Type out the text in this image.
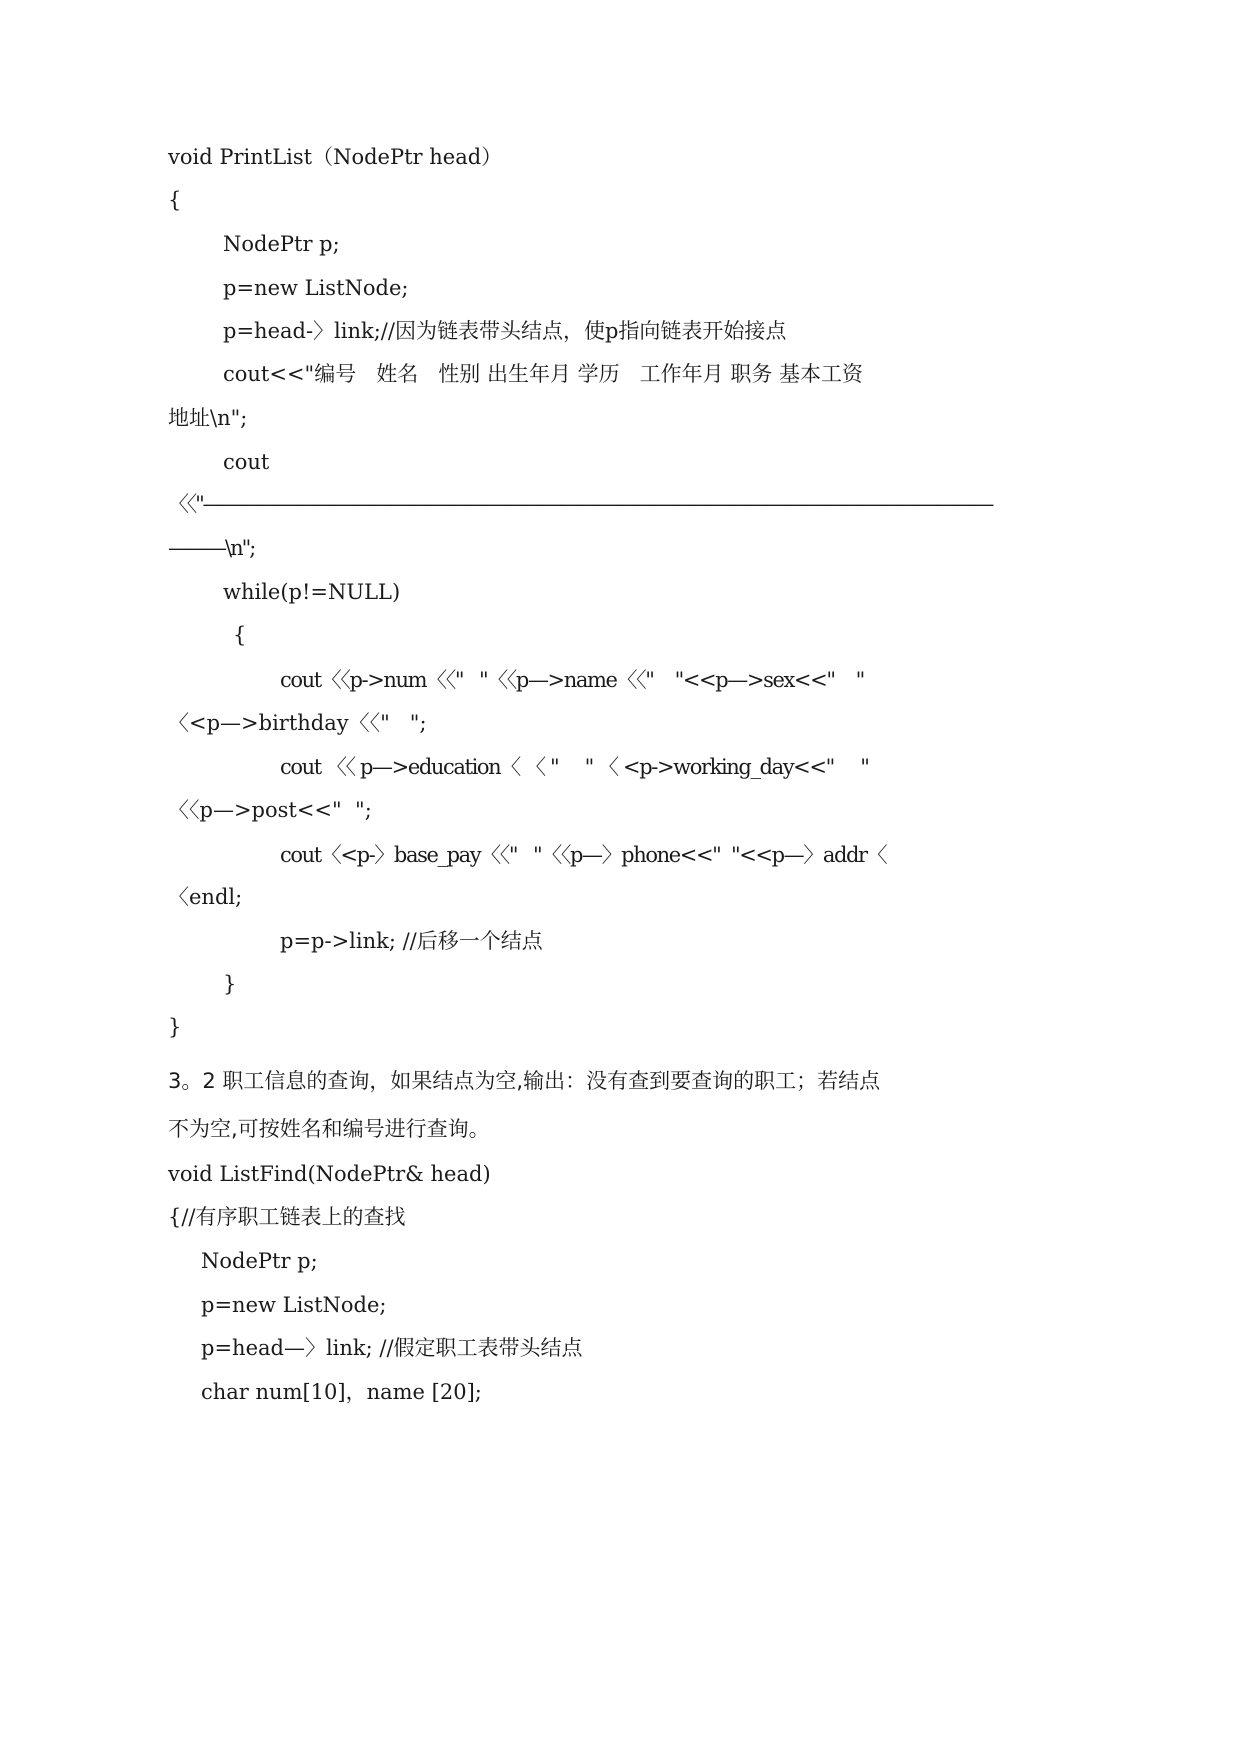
void PrintList（NodePtr head）
{
NodePtr p;
p=new ListNode;
p=head-〉link;//因为链表带头结点，使p指向链表开始接点
cout<<"编号   姓名   性别 出生年月 学历   工作年月 职务 基本工资
地址\n";
cout
〈〈"——————————————————————————————————————————
———\n";
while(p!=NULL)
{
cout〈〈p->num〈〈"   "〈〈p—>name〈〈"    "<<p—>sex<<"    "
〈<p—>birthday〈〈"   ";
cout 〈〈 p—>education〈 〈 "     " 〈 <p->working_day<<"     "
〈〈p—>post<<"  ";
cout〈<p-〉base_pay〈〈"   "〈〈p—〉phone<<"  "<<p—〉addr〈
〈endl;
p=p->link; //后移一个结点
}
}
3。2 职工信息的查询，如果结点为空,输出：没有查到要查询的职工；若结点
不为空,可按姓名和编号进行查询。
void ListFind(NodePtr& head)
{//有序职工链表上的查找
NodePtr p;
p=new ListNode;
p=head—〉link; //假定职工表带头结点
char num[10]，name [20];
